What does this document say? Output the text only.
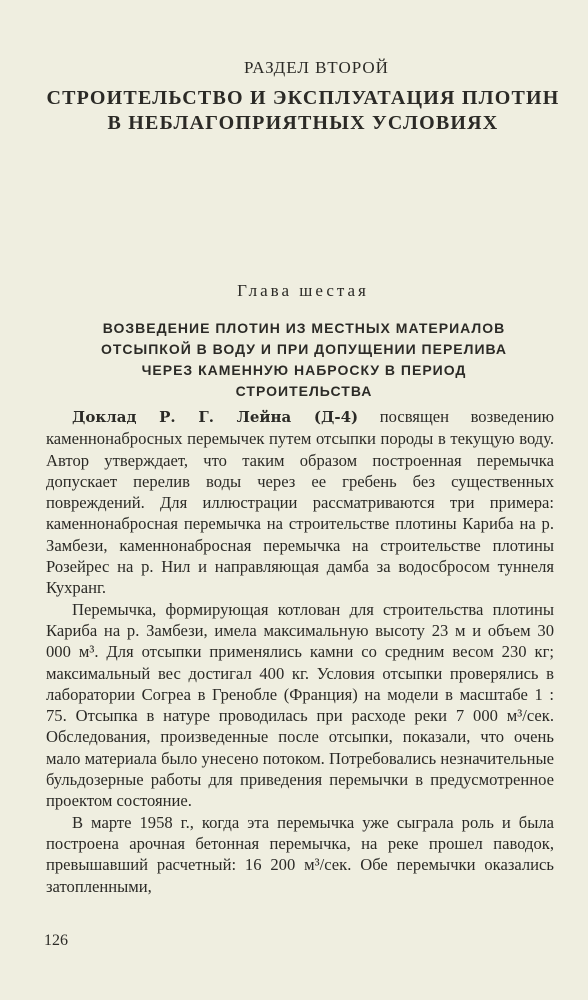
РАЗДЕЛ ВТОРОЙ
СТРОИТЕЛЬСТВО И ЭКСПЛУАТАЦИЯ ПЛОТИН
В НЕБЛАГОПРИЯТНЫХ УСЛОВИЯХ
Глава шестая
ВОЗВЕДЕНИЕ ПЛОТИН ИЗ МЕСТНЫХ МАТЕРИАЛОВ
ОТСЫПКОЙ В ВОДУ И ПРИ ДОПУЩЕНИИ ПЕРЕЛИВА
ЧЕРЕЗ КАМЕННУЮ НАБРОСКУ В ПЕРИОД
СТРОИТЕЛЬСТВА

Доклад Р. Г. Лейна (Д-4) посвящен возведению каменнонабросных перемычек путем отсыпки породы в текущую воду. Автор утверждает, что таким образом построенная перемычка допускает перелив воды через ее гребень без существенных повреждений. Для иллюстрации рассматриваются три примера: каменнонабросная перемычка на строительстве плотины Кариба на р. Замбези, каменнонабросная перемычка на строительстве плотины Розейрес на р. Нил и направляющая дамба за водосбросом туннеля Кухранг.

Перемычка, формирующая котлован для строительства плотины Кариба на р. Замбези, имела максимальную высоту 23 м и объем 30 000 м³. Для отсыпки применялись камни со средним весом 230 кг; максимальный вес достигал 400 кг. Условия отсыпки проверялись в лаборатории Согреа в Гренобле (Франция) на модели в масштабе 1 : 75. Отсыпка в натуре проводилась при расходе реки 7 000 м³/сек. Обследования, произведенные после отсыпки, показали, что очень мало материала было унесено потоком. Потребовались незначительные бульдозерные работы для приведения перемычки в предусмотренное проектом состояние.

В марте 1958 г., когда эта перемычка уже сыграла роль и была построена арочная бетонная перемычка, на реке прошел паводок, превышавший расчетный: 16 200 м³/сек. Обе перемычки оказались затопленными,

126
